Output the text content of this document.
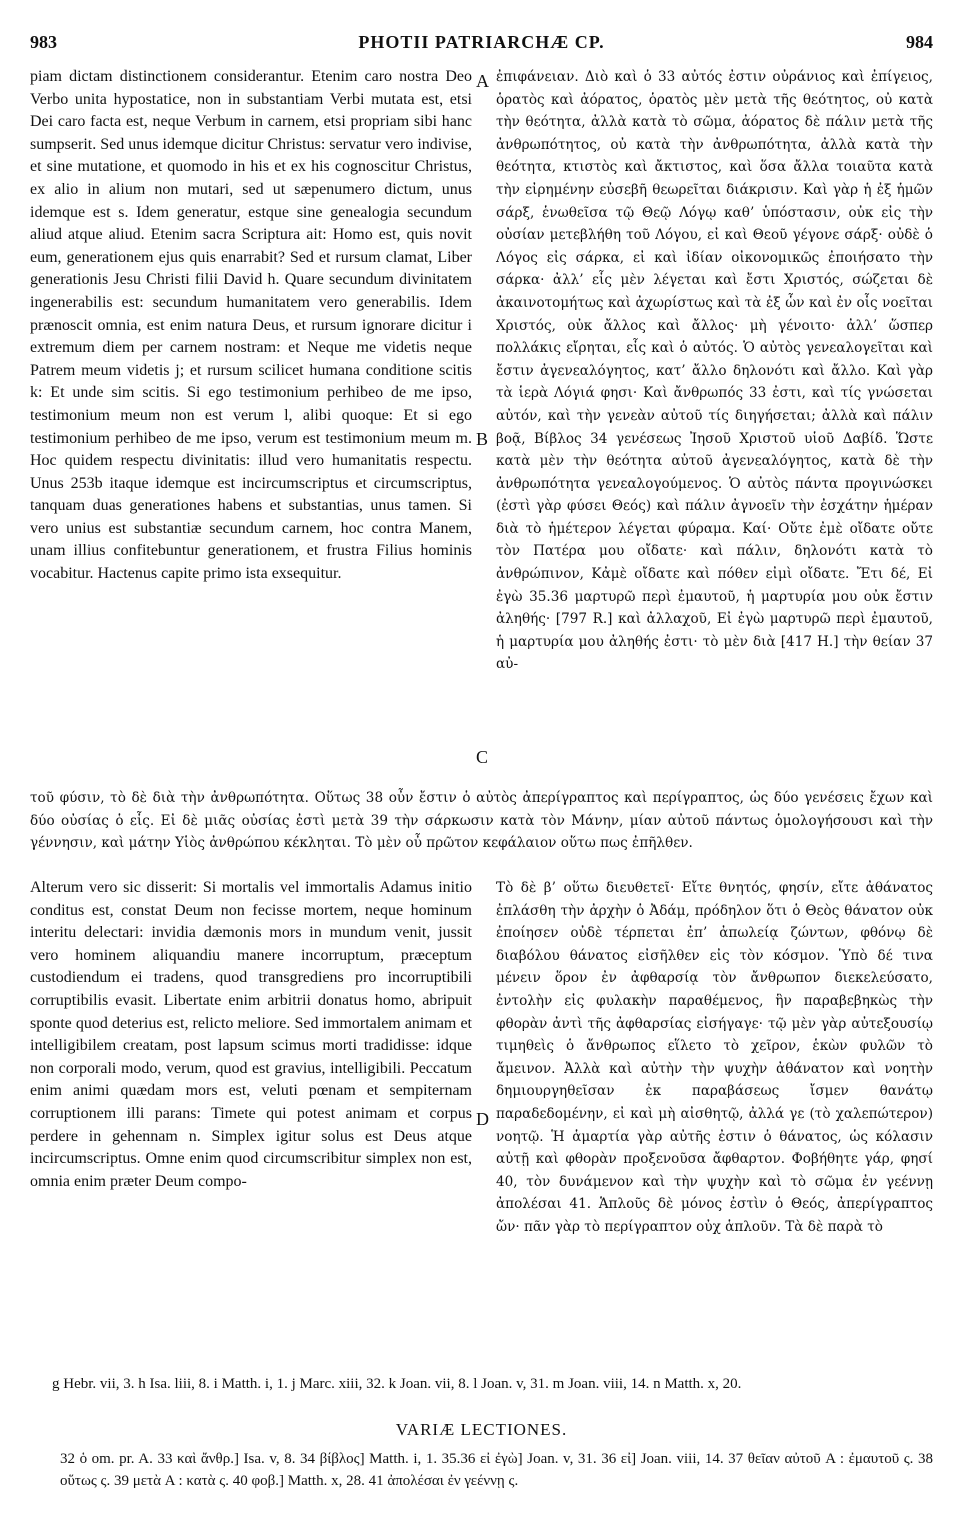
983	PHOTII PATRIARCHÆ CP.	984
piam dictam distinctionem considerantur. Etenim caro nostra Deo Verbo unita hypostatice, non in substantiam Verbi mutata est, etsi Dei caro facta est, neque Verbum in carnem, etsi propriam sibi hanc sumpserit. Sed unus idemque dicitur Christus: servatur vero indivise, et sine mutatione, et quomodo in his et ex his cognoscitur Christus, ex alio in alium non mutari, sed ut sæpenumero dictum, unus idemque est s. Idem generatur, estque sine genealogia secundum aliud atque aliud. Etenim sacra Scriptura ait: Homo est, quis novit eum, generationem ejus quis enarrabit? Sed et rursum clamat, Liber generationis Jesu Christi filii David h. Quare secundum divinitatem ingenerabilis est: secundum humanitatem vero generabilis. Idem prænoscit omnia, est enim natura Deus, et rursum ignorare dicitur i extremum diem per carnem nostram: et Neque me videtis neque Patrem meum videtis j; et rursum scilicet humana conditione scitis k: Et unde sim scitis. Si ego testimonium perhibeo de me ipso, testimonium meum non est verum l, alibi quoque: Et si ego testimonium perhibeo de me ipso, verum est testimonium meum m. Hoc quidem respectu divinitatis: illud vero humanitatis respectu. Unus 253b itaque idemque est incircumscriptus et circumscriptus, tanquam duas generationes habens et substantias, unus tamen. Si vero unius est substantiæ secundum carnem, hoc contra Manem, unam illius confitebuntur generationem, et frustra Filius hominis vocabitur. Hactenus capite primo ista exsequitur.
ἐπιφάνειαν. Διὸ καὶ ὁ 33 αὐτός ἐστιν οὐράνιος καὶ ἐπίγειος, ὁρατὸς καὶ ἀόρατος, ὁρατὸς μὲν μετὰ τῆς θεότητος, οὐ κατὰ τὴν θεότητα, ἀλλὰ κατὰ τὸ σῶμα, ἀόρατος δὲ πάλιν μετὰ τῆς ἀνθρωπότητος, οὐ κατὰ τὴν ἀνθρωπότητα, ἀλλὰ κατὰ τὴν θεότητα, κτιστὸς καὶ ἄκτιστος, καὶ ὅσα ἄλλα τοιαῦτα κατὰ τὴν εἰρημένην εὐσεβῆ θεωρεῖται διάκρισιν. Καὶ γὰρ ἡ ἐξ ἡμῶν σάρξ, ἑνωθεῖσα τῷ Θεῷ Λόγῳ καθ’ ὑπόστασιν, οὐκ εἰς τὴν οὐσίαν μετεβλήθη τοῦ Λόγου, εἰ καὶ Θεοῦ γέγονε σάρξ· οὐδὲ ὁ Λόγος εἰς σάρκα, εἰ καὶ ἰδίαν οἰκονομικῶς ἐποιήσατο τὴν σάρκα· ἀλλ’ εἷς μὲν λέγεται καὶ ἔστι Χριστός, σώζεται δὲ ἀκαινοτομήτως καὶ ἀχωρίστως καὶ τὰ ἐξ ὧν καὶ ἐν οἷς νοεῖται Χριστός, οὐκ ἄλλος καὶ ἄλλος· μὴ γένοιτο· ἀλλ’ ὥσπερ πολλάκις εἴρηται, εἷς καὶ ὁ αὐτός. Ὁ αὐτὸς γενεαλογεῖται καὶ ἔστιν ἀγενεαλόγητος, κατ’ ἄλλο δηλονότι καὶ ἄλλο. Καὶ γὰρ τὰ ἱερὰ Λόγιά φησι· Καὶ ἄνθρωπός 33 ἐστι, καὶ τίς γνώσεται αὐτόν, καὶ τὴν γενεὰν αὐτοῦ τίς διηγήσεται; ἀλλὰ καὶ πάλιν βοᾷ, Βίβλος 34 γενέσεως Ἰησοῦ Χριστοῦ υἱοῦ Δαβίδ. Ὥστε κατὰ μὲν τὴν θεότητα αὐτοῦ ἀγενεαλόγητος, κατὰ δὲ τὴν ἀνθρωπότητα γενεαλογούμενος. Ὁ αὐτὸς πάντα προγινώσκει (ἐστὶ γὰρ φύσει Θεός) καὶ πάλιν ἀγνοεῖν τὴν ἐσχάτην ἡμέραν διὰ τὸ ἡμέτερον λέγεται φύραμα. Καί· Οὔτε ἐμὲ οἴδατε οὔτε τὸν Πατέρα μου οἴδατε· καὶ πάλιν, δηλονότι κατὰ τὸ ἀνθρώπινον, Κἀμὲ οἴδατε καὶ πόθεν εἰμὶ οἴδατε. Ἔτι δέ, Εἰ ἐγὼ 35.36 μαρτυρῶ περὶ ἐμαυτοῦ, ἡ μαρτυρία μου οὐκ ἔστιν ἀληθής· [797 R.] καὶ ἀλλαχοῦ, Εἰ ἐγὼ μαρτυρῶ περὶ ἐμαυτοῦ, ἡ μαρτυρία μου ἀληθής ἐστι· τὸ μὲν διὰ [417 H.] τὴν θείαν 37 αὐ-
A
B
C
D
τοῦ φύσιν, τὸ δὲ διὰ τὴν ἀνθρωπότητα. Οὕτως 38 οὖν ἔστιν ὁ αὐτὸς ἀπερίγραπτος καὶ περίγραπτος, ὡς δύο γενέσεις ἔχων καὶ δύο οὐσίας ὁ εἷς. Εἰ δὲ μιᾶς οὐσίας ἐστὶ μετὰ 39 τὴν σάρκωσιν κατὰ τὸν Μάνην, μίαν αὐτοῦ πάντως ὁμολογήσουσι καὶ τὴν γέννησιν, καὶ μάτην Υἱὸς ἀνθρώπου κέκληται. Τὸ μὲν οὖ πρῶτον κεφάλαιον οὕτω πως ἐπῆλθεν.
Alterum vero sic disserit: Si mortalis vel immortalis Adamus initio conditus est, constat Deum non fecisse mortem, neque hominum interitu delectari: invidia dæmonis mors in mundum venit, jussit vero hominem aliquandiu manere incorruptum, præceptum custodiendum ei tradens, quod transgrediens pro incorruptibili corruptibilis evasit. Libertate enim arbitrii donatus homo, abripuit sponte quod deterius est, relicto meliore. Sed immortalem animam et intelligibilem creatam, post lapsum scimus morti tradidisse: idque non corporali modo, verum, quod est gravius, intelligibili. Peccatum enim animi quædam mors est, veluti pœnam et sempiternam corruptionem illi parans: Timete qui potest animam et corpus perdere in gehennam n. Simplex igitur solus est Deus atque incircumscriptus. Omne enim quod circumscribitur simplex non est, omnia enim præter Deum compo-
Τὸ δὲ β’ οὕτω διευθετεῖ· Εἴτε θνητός, φησίν, εἴτε ἀθάνατος ἐπλάσθη τὴν ἀρχὴν ὁ Ἀδάμ, πρόδηλον ὅτι ὁ Θεὸς θάνατον οὐκ ἐποίησεν οὐδὲ τέρπεται ἐπ’ ἀπωλείᾳ ζώντων, φθόνῳ δὲ διαβόλου θάνατος εἰσῆλθεν εἰς τὸν κόσμον. Ὑπὸ δέ τινα μένειν ὅρον ἐν ἀφθαρσίᾳ τὸν ἄνθρωπον διεκελεύσατο, ἐντολὴν εἰς φυλακὴν παραθέμενος, ἣν παραβεβηκὼς τὴν φθορὰν ἀντὶ τῆς ἀφθαρσίας εἰσήγαγε· τῷ μὲν γὰρ αὐτεξουσίῳ τιμηθεὶς ὁ ἄνθρωπος εἵλετο τὸ χεῖρον, ἑκὼν φυλῶν τὸ ἄμεινον. Ἀλλὰ καὶ αὐτὴν τὴν ψυχὴν ἀθάνατον καὶ νοητὴν δημιουργηθεῖσαν ἐκ παραβάσεως ἴσμεν θανάτῳ παραδεδομένην, εἰ καὶ μὴ αἰσθητῷ, ἀλλά γε (τὸ χαλεπώτερον) νοητῷ. Ἡ ἁμαρτία γὰρ αὐτῆς ἐστιν ὁ θάνατος, ὡς κόλασιν αὐτῇ καὶ φθορὰν προξενοῦσα ἄφθαρτον. Φοβήθητε γάρ, φησί 40, τὸν δυνάμενον καὶ τὴν ψυχὴν καὶ τὸ σῶμα ἐν γεέννῃ ἀπολέσαι 41. Ἁπλοῦς δὲ μόνος ἐστὶν ὁ Θεός, ἀπερίγραπτος ὤν· πᾶν γὰρ τὸ περίγραπτον οὐχ ἁπλοῦν. Τὰ δὲ παρὰ τὸ
g Hebr. vii, 3. h Isa. liii, 8. i Matth. i, 1. j Marc. xiii, 32. k Joan. vii, 8. l Joan. v, 31. m Joan. viii, 14. n Matth. x, 20.
VARIÆ LECTIONES.
32 ὁ om. pr. A. 33 καὶ ἄνθρ.] Isa. v, 8. 34 βίβλος] Matth. i, 1. 35.36 εἰ ἐγὼ] Joan. v, 31. 36 εἰ] Joan. viii, 14. 37 θεῖαν αὐτοῦ A : ἐμαυτοῦ ς. 38 οὕτως ς. 39 μετὰ A : κατὰ ς. 40 φοβ.] Matth. x, 28. 41 ἀπολέσαι ἐν γεέννῃ ς.
